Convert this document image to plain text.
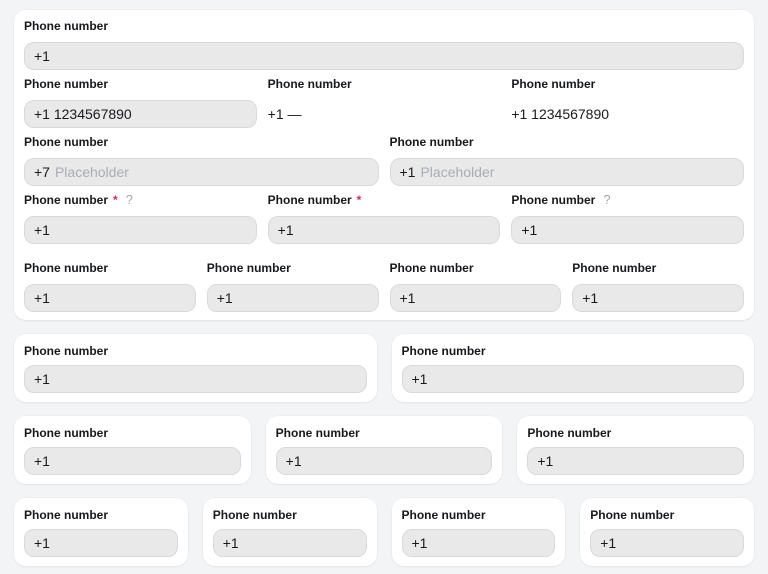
Phone number
+1
Phone number
+1 1234567890
Phone number
+1 —
Phone number
+1 1234567890
Phone number
+7 Placeholder
Phone number
+1 Placeholder
Phone number * ?
+1
Phone number *
+1
Phone number ?
+1
Phone number
+1
Phone number
+1
Phone number
+1
Phone number
+1
Phone number
+1
Phone number
+1
Phone number
+1
Phone number
+1
Phone number
+1
Phone number
+1
Phone number
+1
Phone number
+1
Phone number
+1
